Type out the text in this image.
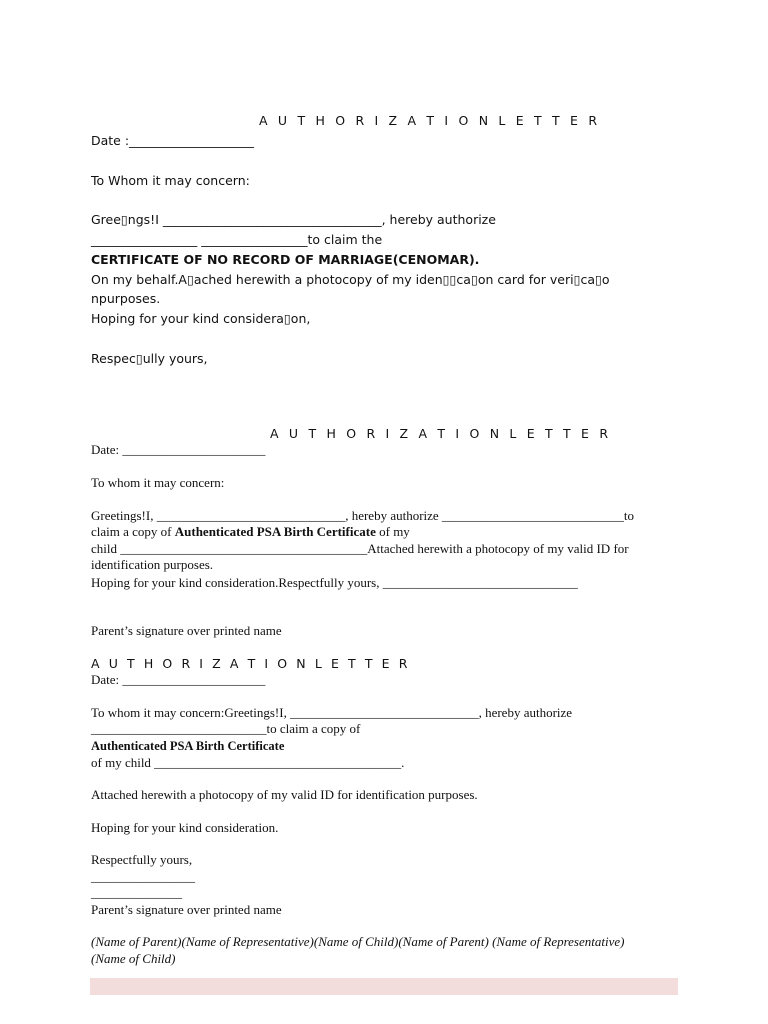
A U T H O R I Z A T I O N L E T T E R
Date :____________________
To Whom it may concern:
Gree▯ngs!I ___________________________________, hereby authorize
_________________ _________________to claim the
CERTIFICATE OF NO RECORD OF MARRIAGE(CENOMAR).
On my behalf.A▯ached herewith a photocopy of my iden▯▯ca▯on card for veri▯ca▯o
npurposes.
Hoping for your kind considera▯on,
Respec▯ully yours,
A U T H O R I Z A T I O N L E T T E R
Date: ______________________
To whom it may concern:
Greetings!I, _____________________________, hereby authorize ____________________________to
claim a copy of Authenticated PSA Birth Certificate of my
child ______________________________________Attached herewith a photocopy of my valid ID for
identification purposes.
Hoping for your kind consideration.Respectfully yours, ______________________________
Parent’s signature over printed name
A U T H O R I Z A T I O N L E T T E R
Date: ______________________
To whom it may concern:Greetings!I, _____________________________, hereby authorize
___________________________to claim a copy of
Authenticated PSA Birth Certificate
of my child ______________________________________.
Attached herewith a photocopy of my valid ID for identification purposes.
Hoping for your kind consideration.
Respectfully yours,
________________
______________
Parent’s signature over printed name
(Name of Parent)(Name of Representative)(Name of Child)(Name of Parent) (Name of Representative)
(Name of Child)
